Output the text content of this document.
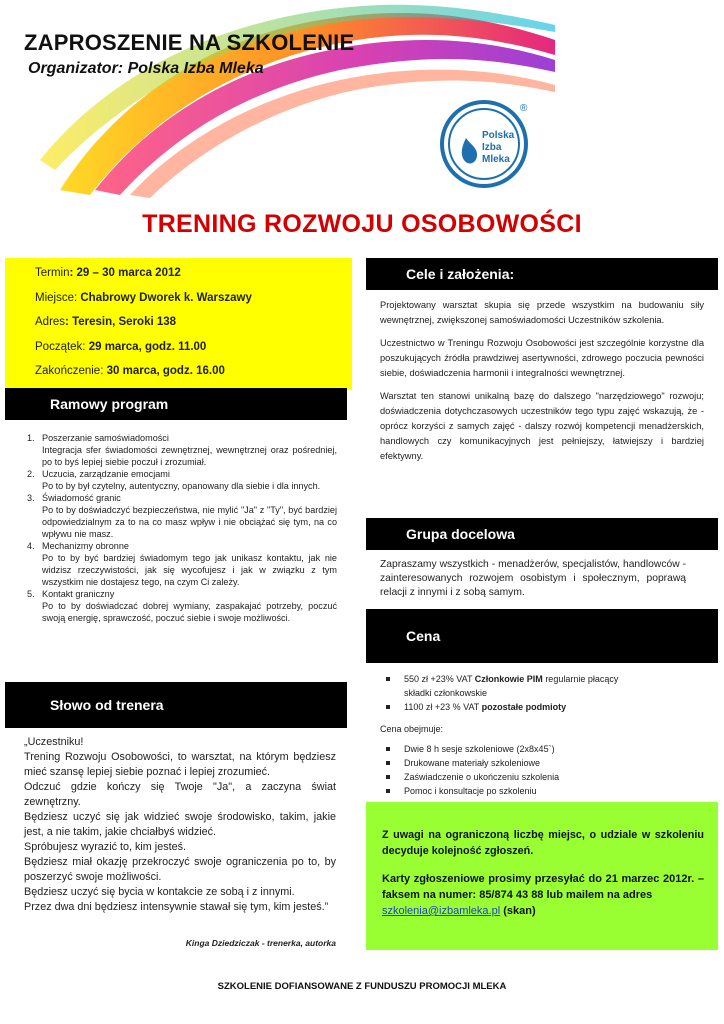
ZAPROSZENIE NA SZKOLENIE
Organizator: Polska Izba Mleka
Polska
Izba
Mleka
®
TRENING ROZWOJU OSOBOWOŚCI
Termin: 29 – 30 marca 2012
Miejsce: Chabrowy Dworek k. Warszawy
Adres: Teresin, Seroki 138
Początek: 29 marca, godz. 11.00
Zakończenie: 30 marca, godz. 16.00
Cele i założenia:
Ramowy program
Grupa docelowa
Cena
Słowo od trenera

Projektowany warsztat skupia się przede wszystkim na budowaniu siły wewnętrznej, zwiększonej samoświadomości Uczestników szkolenia.

Uczestnictwo w Treningu Rozwoju Osobowości jest szczególnie korzystne dla poszukujących źródła prawdziwej asertywności, zdrowego poczucia pewności siebie, doświadczenia harmonii i integralności wewnętrznej.

Warsztat ten stanowi unikalną bazę do dalszego "narzędziowego" rozwoju; doświadczenia dotychczasowych uczestników tego typu zajęć wskazują, że - oprócz korzyści z samych zajęć - dalszy rozwój kompetencji menadżerskich, handlowych czy komunikacyjnych jest pełniejszy, łatwiejszy i bardziej efektywny.

1. Poszerzanie samoświadomości
Integracja sfer świadomości zewnętrznej, wewnętrznej oraz pośredniej, po to byś lepiej siebie poczuł i zrozumiał.
2. Uczucia, zarządzanie emocjami
Po to by był czytelny, autentyczny, opanowany dla siebie i dla innych.
3. Świadomość granic
Po to by doświadczyć bezpieczeństwa, nie mylić "Ja" z "Ty", być bardziej odpowiedzialnym za to na co masz wpływ i nie obciążać się tym, na co wpływu nie masz.
4. Mechanizmy obronne
Po to by być bardziej świadomym tego jak unikasz kontaktu, jak nie widzisz rzeczywistości, jak się wycofujesz i jak w związku z tym wszystkim nie dostajesz tego, na czym Ci zależy.
5. Kontakt graniczny
Po to by doświadczać dobrej wymiany, zaspakajać potrzeby, poczuć swoją energię, sprawczość, poczuć siebie i swoje możliwości.
Zapraszamy wszystkich - menadżerów, specjalistów, handlowców - zainteresowanych rozwojem osobistym i społecznym, poprawą relacji z innymi i z sobą samym.
550 zł +23% VAT Członkowie PIM regularnie płacący
składki członkowskie
1100 zł +23 % VAT pozostałe podmioty
Cena obejmuje:
Dwie 8 h sesje szkoleniowe (2x8x45`)
Drukowane materiały szkoleniowe
Zaświadczenie o ukończeniu szkolenia
Pomoc i konsultacje po szkoleniu
„Uczestniku!
Trening Rozwoju Osobowości, to warsztat, na którym będziesz mieć szansę lepiej siebie poznać i lepiej zrozumieć.
Odczuć gdzie kończy się Twoje "Ja", a zaczyna świat zewnętrzny.
Będziesz uczyć się jak widzieć swoje środowisko, takim, jakie jest, a nie takim, jakie chciałbyś widzieć.
Spróbujesz wyrazić to, kim jesteś.
Będziesz miał okazję przekroczyć swoje ograniczenia po to, by poszerzyć swoje możliwości.
Będziesz uczyć się bycia w kontakcie ze sobą i z innymi.
Przez dwa dni będziesz intensywnie stawał się tym, kim jesteś.”
Kinga Dziedziczak - trenerka, autorka
Z uwagi na ograniczoną liczbę miejsc, o udziale w szkoleniu decyduje kolejność zgłoszeń.
Karty zgłoszeniowe prosimy przesyłać do 21 marzec 2012r. – faksem na numer: 85/874 43 88 lub mailem na adres
szkolenia@izbamleka.pl (skan)
SZKOLENIE DOFIANSOWANE Z FUNDUSZU PROMOCJI MLEKA
